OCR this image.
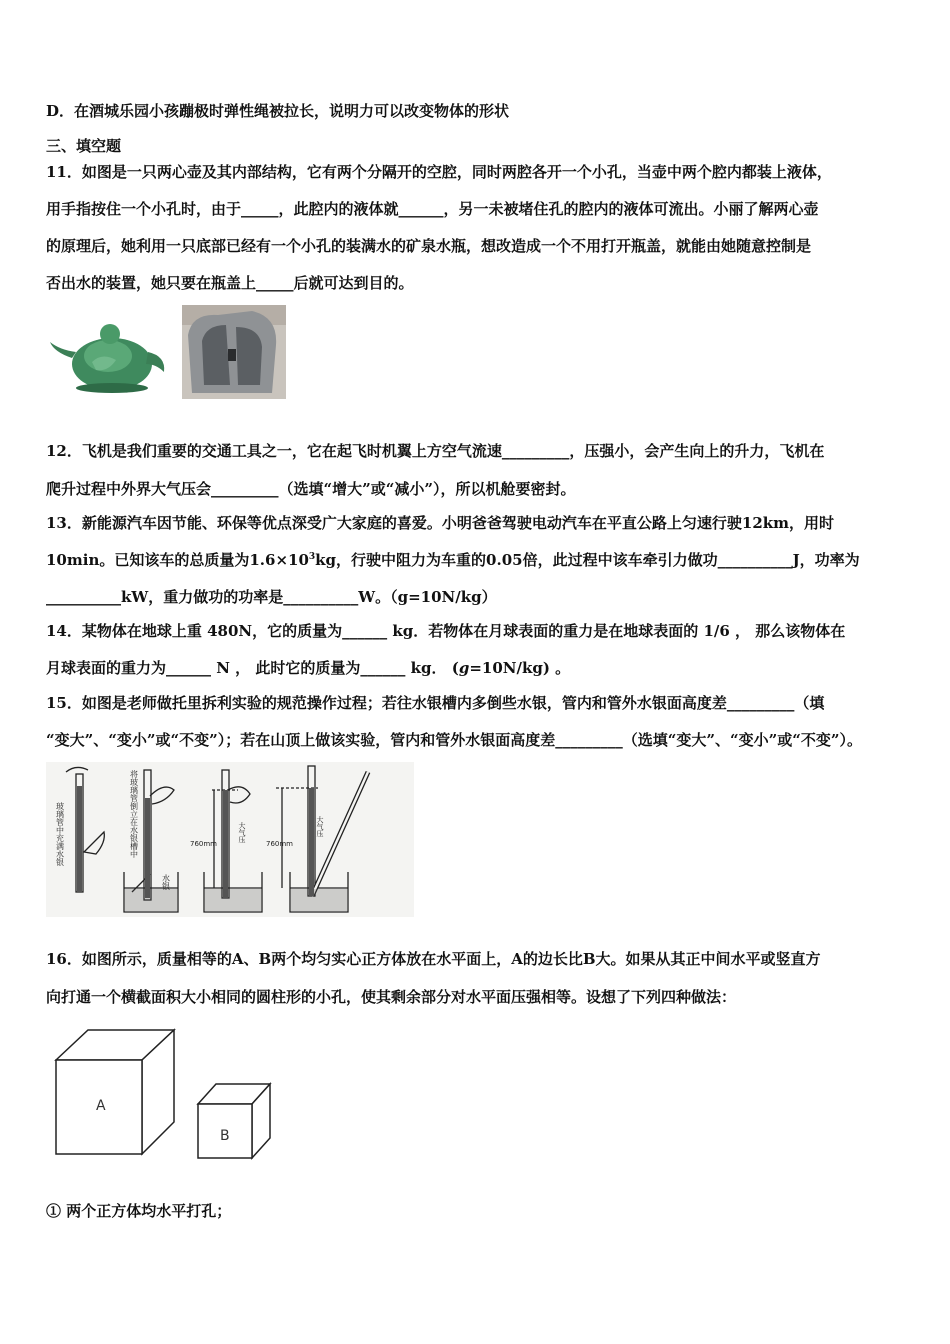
D．在酒城乐园小孩蹦极时弹性绳被拉长，说明力可以改变物体的形状
三、填空题
11．如图是一只两心壶及其内部结构，它有两个分隔开的空腔，同时两腔各开一个小孔，当壶中两个腔内都装上液体，
用手指按住一个小孔时，由于_____，此腔内的液体就______，另一未被堵住孔的腔内的液体可流出。小丽了解两心壶
的原理后，她利用一只底部已经有一个小孔的装满水的矿泉水瓶，想改造成一个不用打开瓶盖，就能由她随意控制是
否出水的装置，她只要在瓶盖上_____后就可达到目的。
12．飞机是我们重要的交通工具之一，它在起飞时机翼上方空气流速_________，压强小，会产生向上的升力，飞机在
爬升过程中外界大气压会_________（选填“增大”或“减小”），所以机舱要密封。
13．新能源汽车因节能、环保等优点深受广大家庭的喜爱。小明爸爸驾驶电动汽车在平直公路上匀速行驶12km，用时
10min。已知该车的总质量为$1.6\times 10^3kg$，行驶中阻力为车重的0.05倍，此过程中该车牵引力做功__________J，功率为
__________kW，重力做功的功率是__________W。（g=10N/kg）
14．某物体在地球上重 480N，它的质量为______ kg．若物体在月球表面的重力是在地球表面的 1/6 ， 那么该物体在
月球表面的重力为______ N ， 此时它的质量为______ kg． (g=10N/kg) 。
15．如图是老师做托里拆利实验的规范操作过程；若往水银槽内多倒些水银，管内和管外水银面高度差_________（填
“变大”、“变小”或“不变”）；若在山顶上做该实验，管内和管外水银面高度差_________（选填“变大”、“变小”或“不变”）。
玻璃管中充满水银	将玻璃管倒立在水银槽中
水银
760mm	760mm
大气压	大气压
16．如图所示，质量相等的A、B两个均匀实心正方体放在水平面上，A的边长比B大。如果从其正中间水平或竖直方
向打通一个横截面积大小相同的圆柱形的小孔，使其剩余部分对水平面压强相等。设想了下列四种做法：
A
B
① 两个正方体均水平打孔；
